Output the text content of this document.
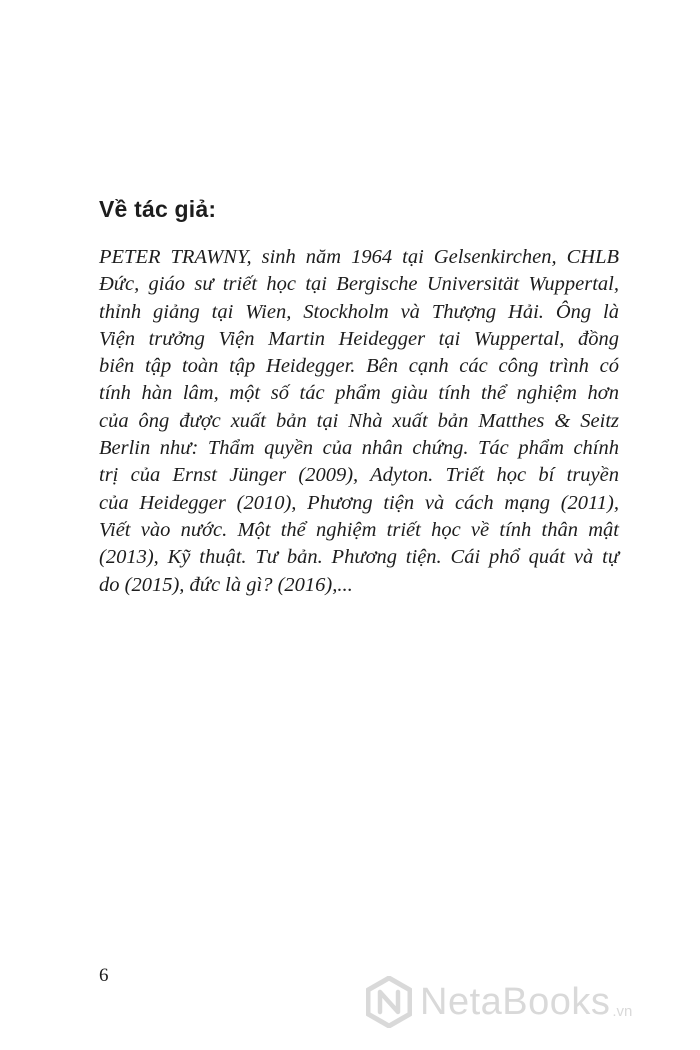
Về tác giả:
PETER TRAWNY, sinh năm 1964 tại Gelsenkirchen, CHLB
Đức, giáo sư triết học tại Bergische Universität Wuppertal,
thỉnh giảng tại Wien, Stockholm và Thượng Hải. Ông là
Viện trưởng Viện Martin Heidegger tại Wuppertal, đồng
biên tập toàn tập Heidegger. Bên cạnh các công trình có
tính hàn lâm, một số tác phẩm giàu tính thể nghiệm hơn
của ông được xuất bản tại Nhà xuất bản Matthes & Seitz
Berlin như: Thẩm quyền của nhân chứng. Tác phẩm chính
trị của Ernst Jünger (2009), Adyton. Triết học bí truyền
của Heidegger (2010), Phương tiện và cách mạng (2011),
Viết vào nước. Một thể nghiệm triết học về tính thân mật
(2013), Kỹ thuật. Tư bản. Phương tiện. Cái phổ quát và tự
do (2015), đức là gì? (2016),...

6

NetaBooks .vn
